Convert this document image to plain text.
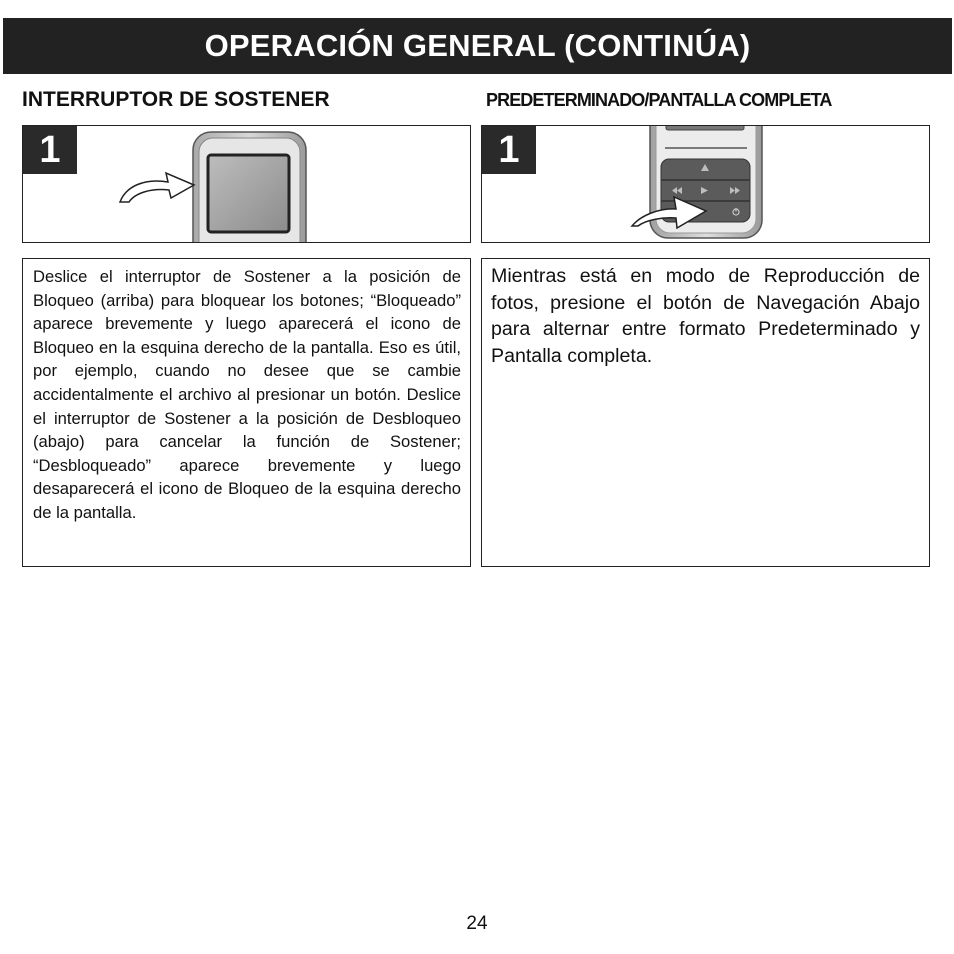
OPERACIÓN GENERAL (CONTINÚA)
INTERRUPTOR DE SOSTENER	PREDETERMINADO/PANTALLA COMPLETA
1	1

Deslice el interruptor de Sostener a la posición de Bloqueo (arriba) para bloquear los botones; “Bloqueado” aparece brevemente y luego aparecerá el icono de Bloqueo en la esquina derecho de la pantalla. Eso es útil, por ejemplo, cuando no desee que se cambie accidentalmente el archivo al presionar un botón. Deslice el interruptor de Sostener a la posición de Desbloqueo (abajo) para cancelar la función de Sostener; “Desbloqueado” aparece brevemente y luego desaparecerá el icono de Bloqueo de la esquina derecho de la pantalla.

Mientras está en modo de Reproducción de fotos, presione el botón de Navegación Abajo para alternar entre formato Predeterminado y Pantalla completa.

24
